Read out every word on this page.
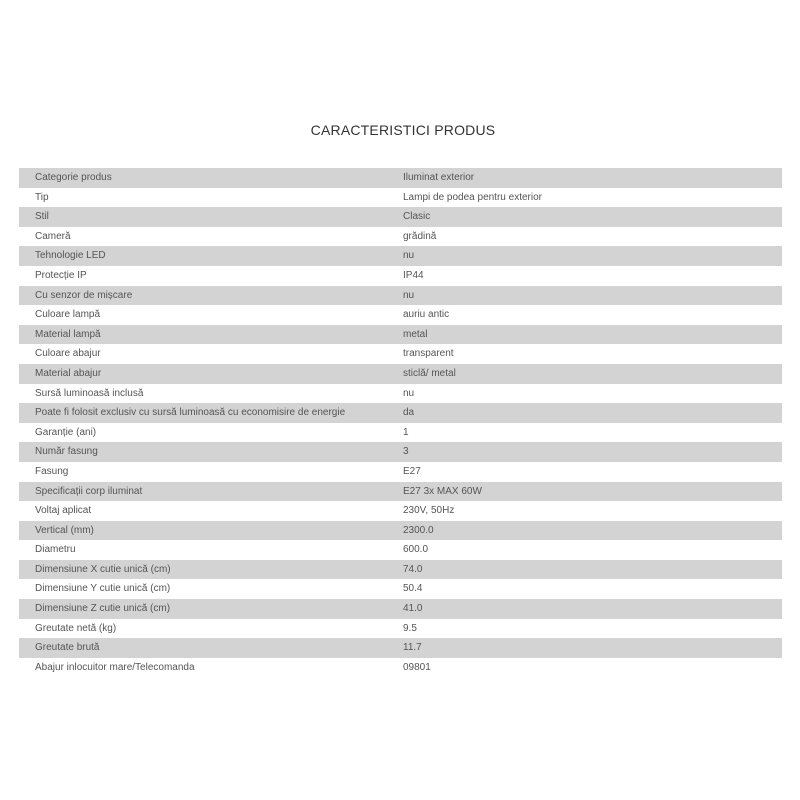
CARACTERISTICI PRODUS
Categorie produs	Iluminat exterior
Tip	Lampi de podea pentru exterior
Stil	Clasic
Cameră	grădină
Tehnologie LED	nu
Protecție IP	IP44
Cu senzor de mișcare	nu
Culoare lampă	auriu antic
Material lampă	metal
Culoare abajur	transparent
Material abajur	sticlă/ metal
Sursă luminoasă inclusă	nu
Poate fi folosit exclusiv cu sursă luminoasă cu economisire de energie	da
Garanție (ani)	1
Număr fasung	3
Fasung	E27
Specificații corp iluminat	E27 3x MAX 60W
Voltaj aplicat	230V, 50Hz
Vertical (mm)	2300.0
Diametru	600.0
Dimensiune X cutie unică (cm)	74.0
Dimensiune Y cutie unică (cm)	50.4
Dimensiune Z cutie unică (cm)	41.0
Greutate netă (kg)	9.5
Greutate brută	11.7
Abajur inlocuitor mare/Telecomanda	09801
